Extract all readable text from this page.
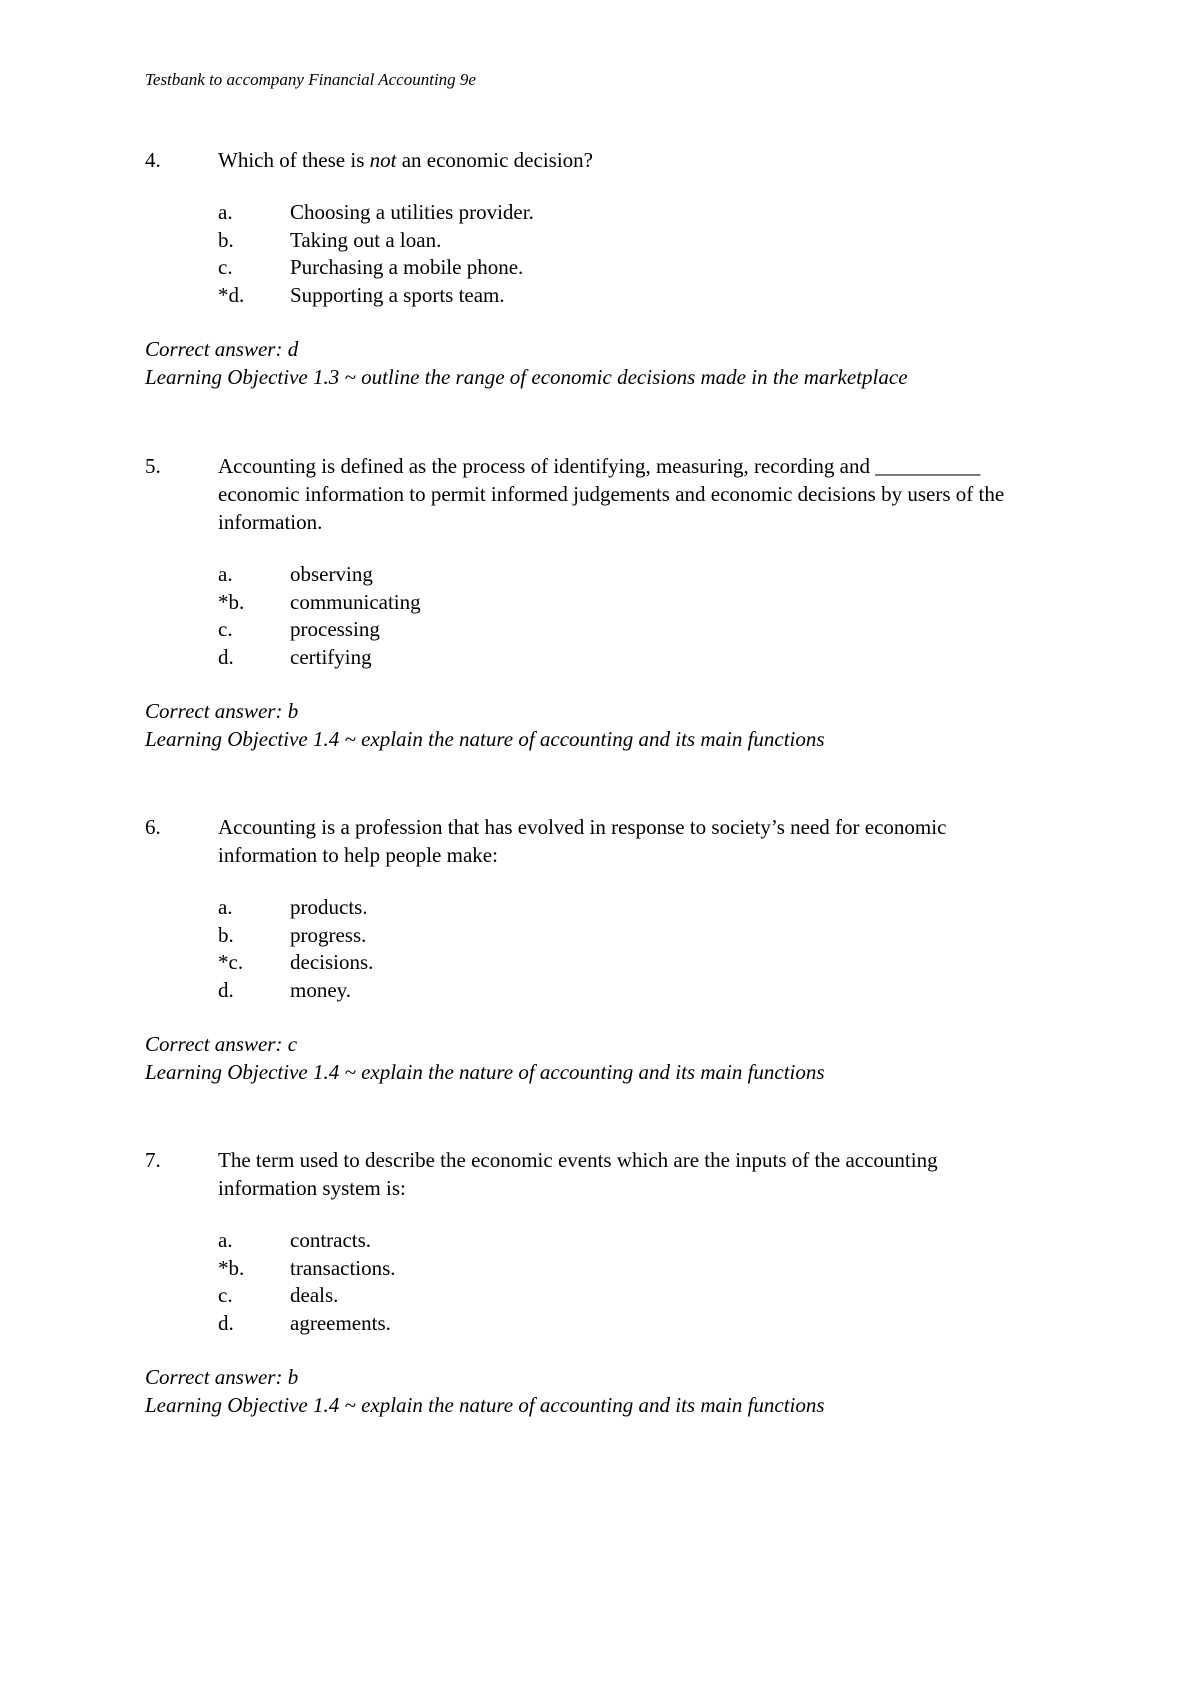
Testbank to accompany Financial Accounting 9e
4.	Which of these is not an economic decision?
a.	Choosing a utilities provider.
b.	Taking out a loan.
c.	Purchasing a mobile phone.
*d.	Supporting a sports team.
Correct answer: d
Learning Objective 1.3 ~ outline the range of economic decisions made in the marketplace
5.	Accounting is defined as the process of identifying, measuring, recording and __________ economic information to permit informed judgements and economic decisions by users of the information.
a.	observing
*b.	communicating
c.	processing
d.	certifying
Correct answer: b
Learning Objective 1.4 ~ explain the nature of accounting and its main functions
6.	Accounting is a profession that has evolved in response to society’s need for economic information to help people make:
a.	products.
b.	progress.
*c.	decisions.
d.	money.
Correct answer: c
Learning Objective 1.4 ~ explain the nature of accounting and its main functions
7.	The term used to describe the economic events which are the inputs of the accounting information system is:
a.	contracts.
*b.	transactions.
c.	deals.
d.	agreements.
Correct answer: b
Learning Objective 1.4 ~ explain the nature of accounting and its main functions
